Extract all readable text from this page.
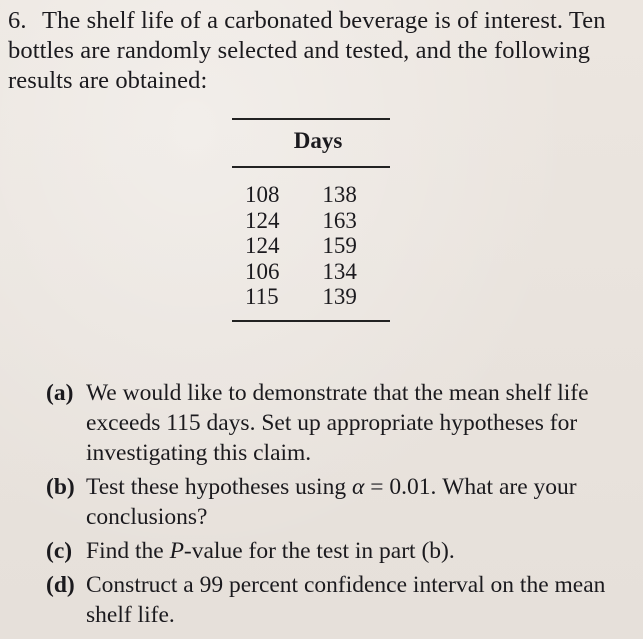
6. The shelf life of a carbonated beverage is of interest. Ten bottles are randomly selected and tested, and the following results are obtained:
Days
108	138
124	163
124	159
106	134
115	139
(a) We would like to demonstrate that the mean shelf life exceeds 115 days. Set up appropriate hypotheses for investigating this claim.
(b) Test these hypotheses using α = 0.01. What are your conclusions?
(c) Find the P-value for the test in part (b).
(d) Construct a 99 percent confidence interval on the mean shelf life.
